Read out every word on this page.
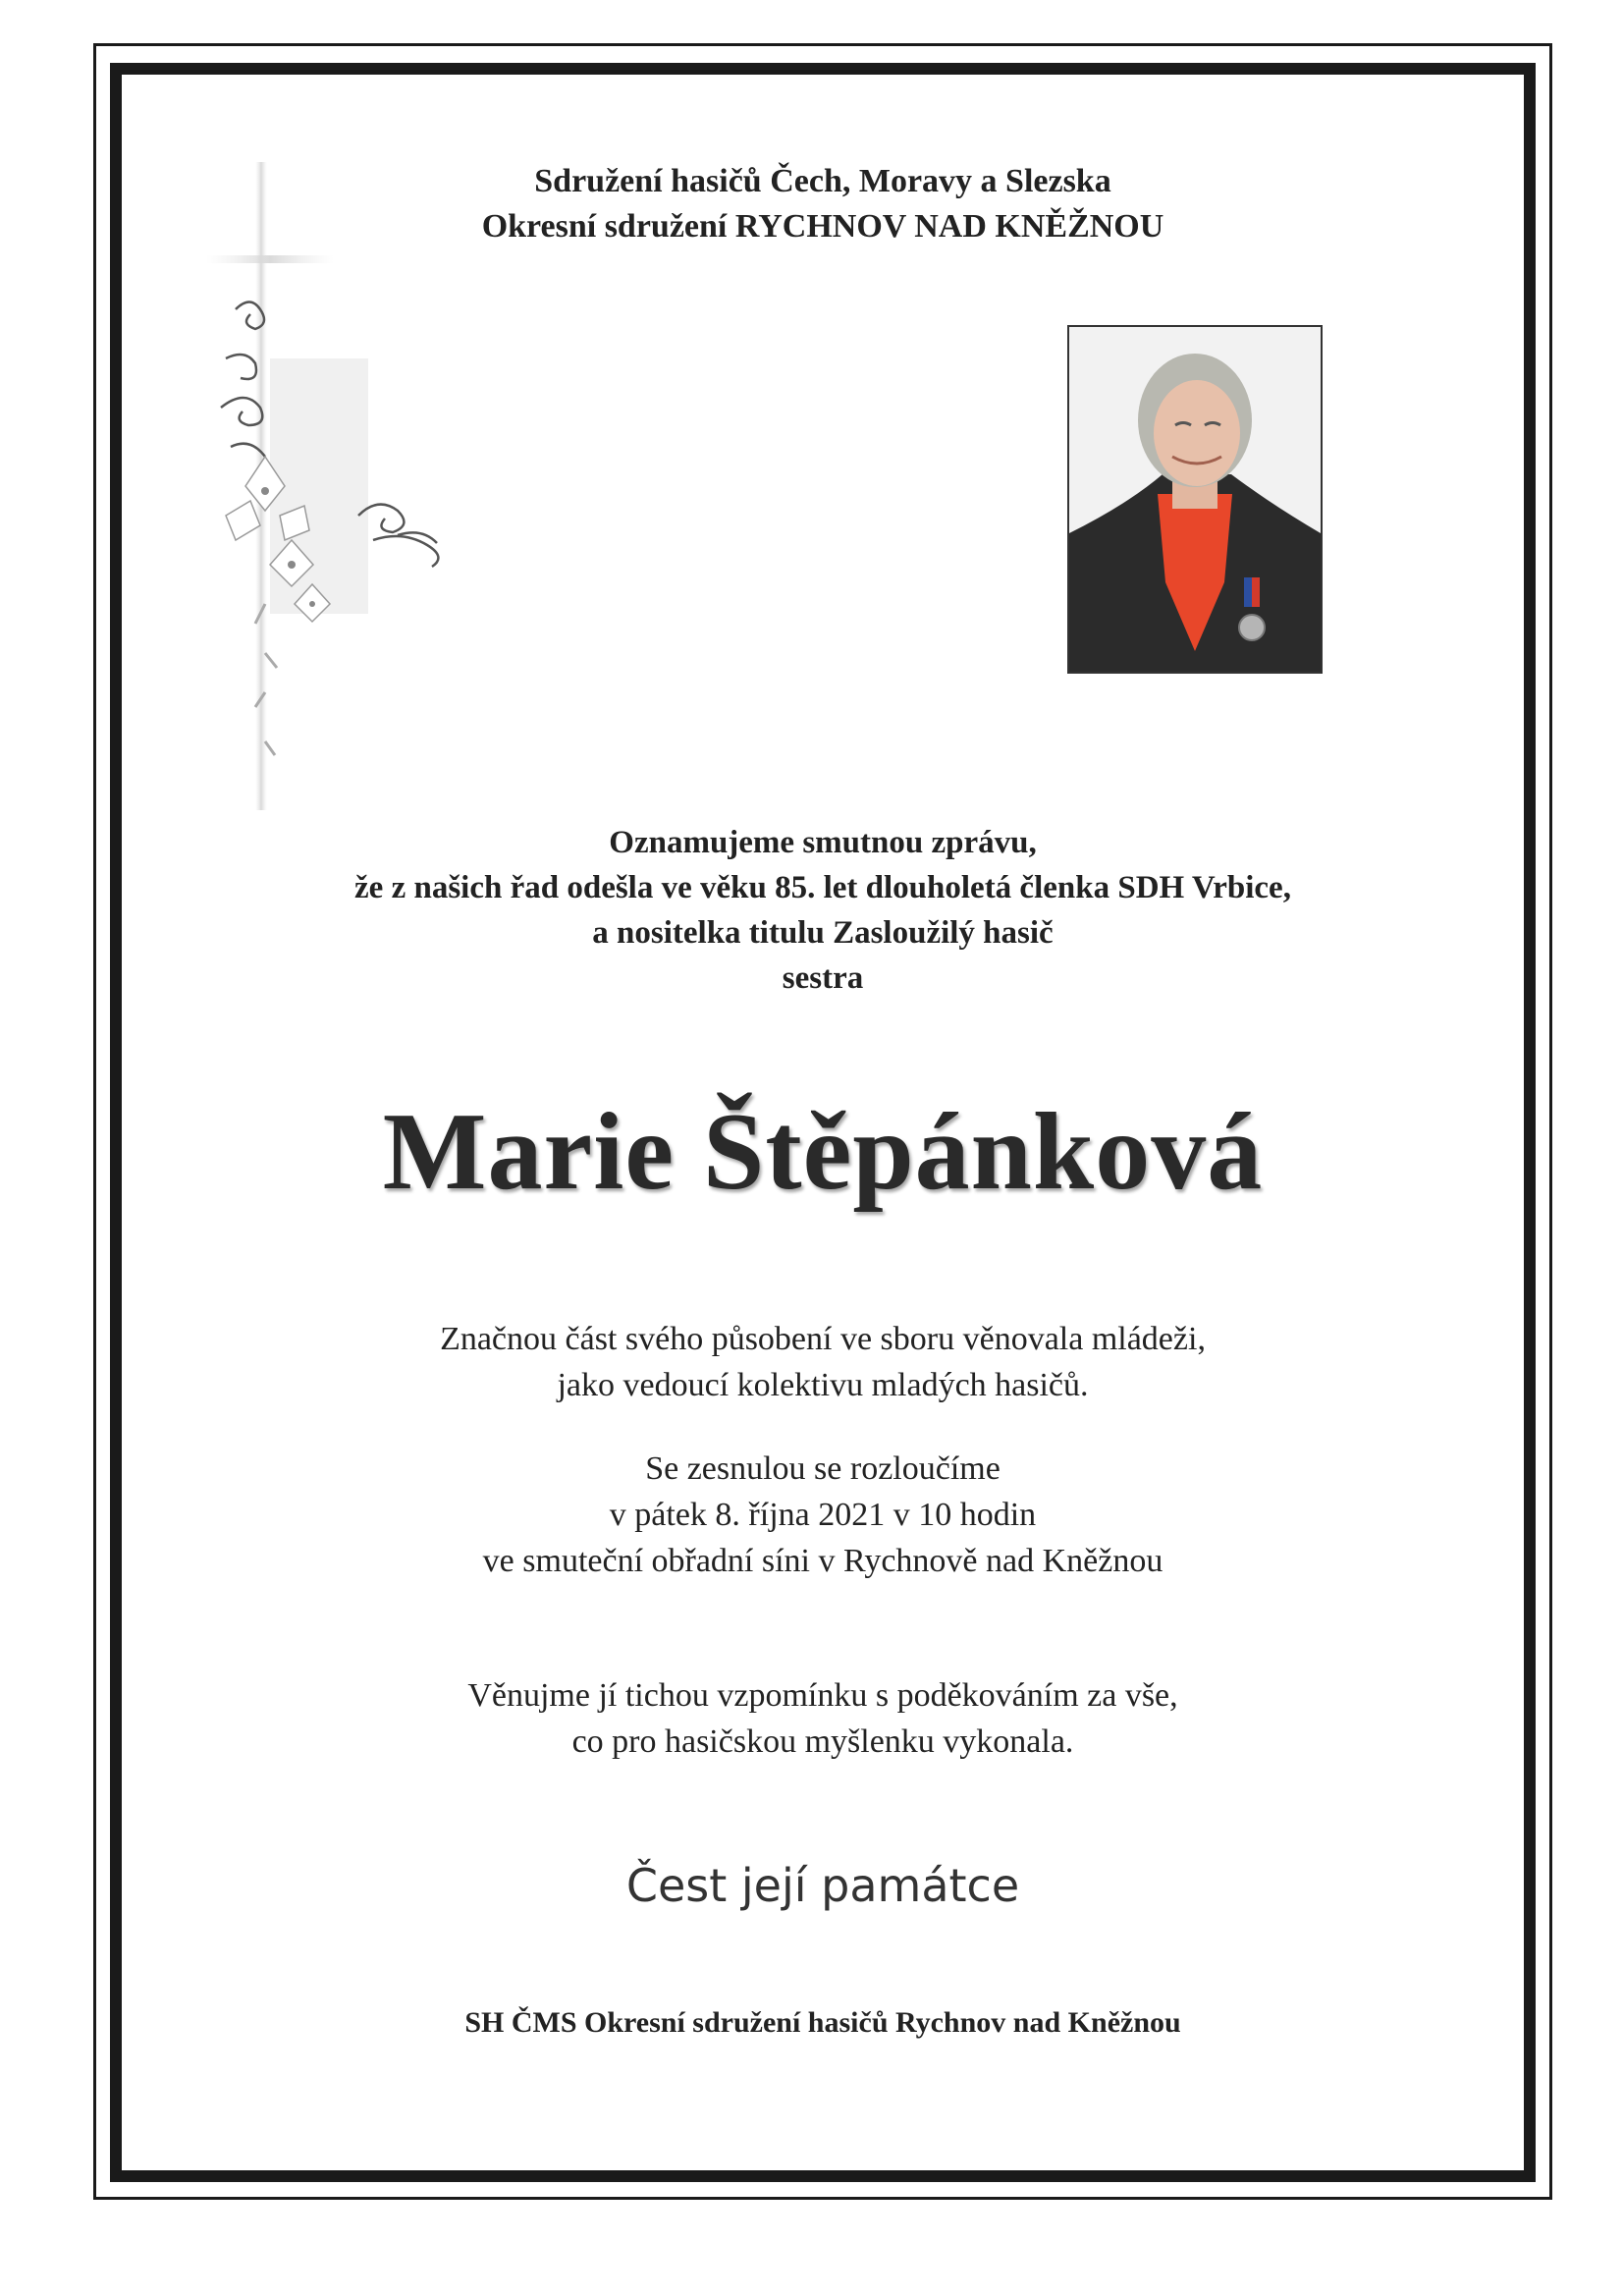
Sdružení hasičů Čech, Moravy a Slezska
Okresní sdružení RYCHNOV NAD KNĚŽNOU
Oznamujeme smutnou zprávu,
že z našich řad odešla ve věku 85. let dlouholetá členka SDH Vrbice,
a nositelka titulu Zasloužilý hasič
sestra
Marie Štěpánková
Značnou část svého působení ve sboru věnovala mládeži,
jako vedoucí kolektivu mladých hasičů.
Se zesnulou se rozloučíme
v pátek 8. října 2021 v 10 hodin
ve smuteční obřadní síni v Rychnově nad Kněžnou
Věnujme jí tichou vzpomínku s poděkováním za vše,
co pro hasičskou myšlenku vykonala.
Čest její památce
SH ČMS Okresní sdružení hasičů Rychnov nad Kněžnou
